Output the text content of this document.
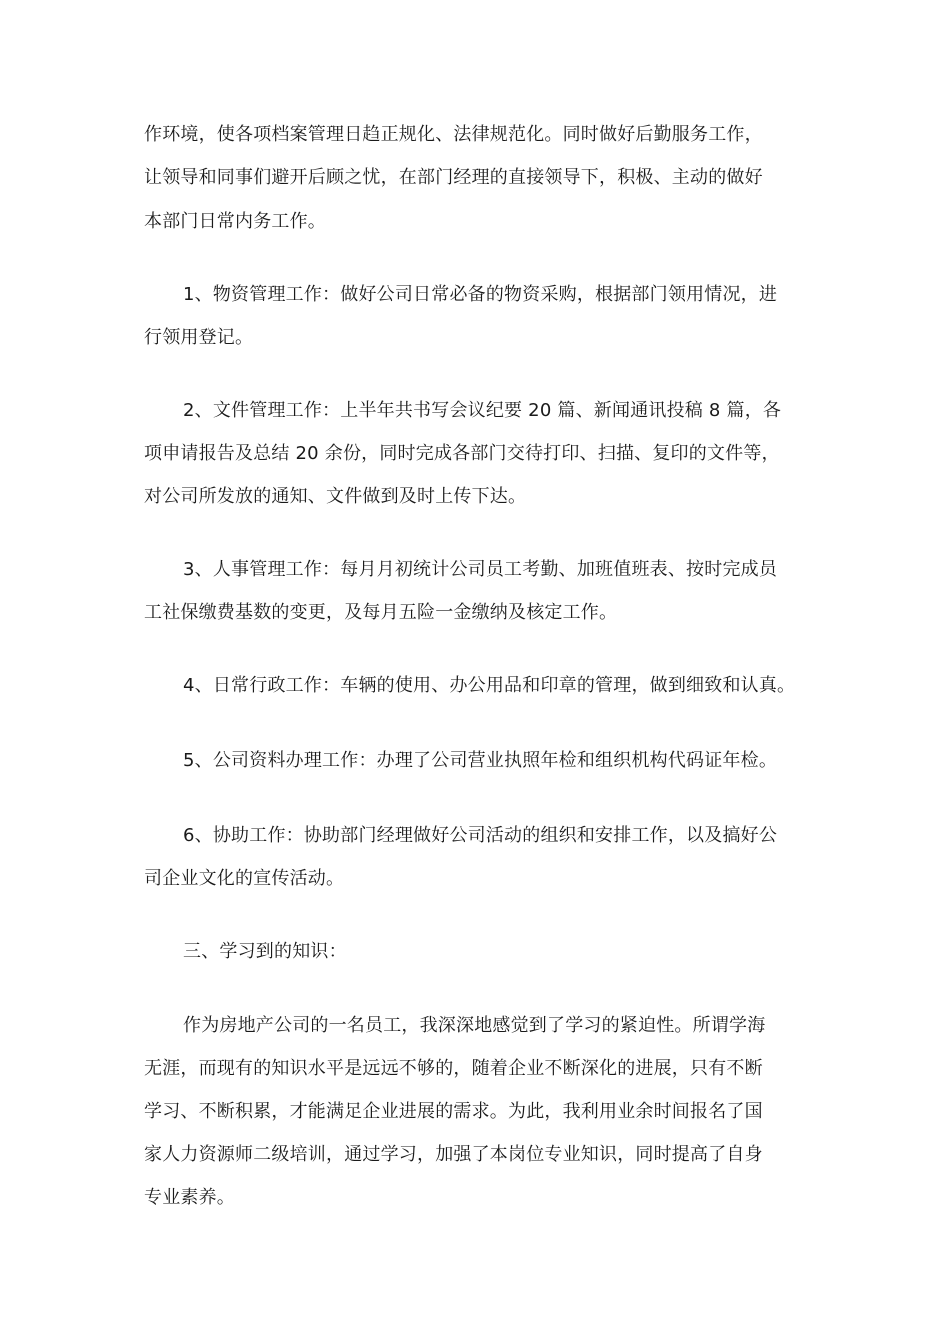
作环境，使各项档案管理日趋正规化、法律规范化。同时做好后勤服务工作，
让领导和同事们避开后顾之忧，在部门经理的直接领导下，积极、主动的做好
本部门日常内务工作。
1、物资管理工作：做好公司日常必备的物资采购，根据部门领用情况，进
行领用登记。
2、文件管理工作：上半年共书写会议纪要 20 篇、新闻通讯投稿 8 篇，各
项申请报告及总结 20 余份，同时完成各部门交待打印、扫描、复印的文件等，
对公司所发放的通知、文件做到及时上传下达。
3、人事管理工作：每月月初统计公司员工考勤、加班值班表、按时完成员
工社保缴费基数的变更，及每月五险一金缴纳及核定工作。
4、日常行政工作：车辆的使用、办公用品和印章的管理，做到细致和认真。
5、公司资料办理工作：办理了公司营业执照年检和组织机构代码证年检。
6、协助工作：协助部门经理做好公司活动的组织和安排工作，以及搞好公
司企业文化的宣传活动。
三、学习到的知识：
作为房地产公司的一名员工，我深深地感觉到了学习的紧迫性。所谓学海
无涯，而现有的知识水平是远远不够的，随着企业不断深化的进展，只有不断
学习、不断积累，才能满足企业进展的需求。为此，我利用业余时间报名了国
家人力资源师二级培训，通过学习，加强了本岗位专业知识，同时提高了自身
专业素养。
